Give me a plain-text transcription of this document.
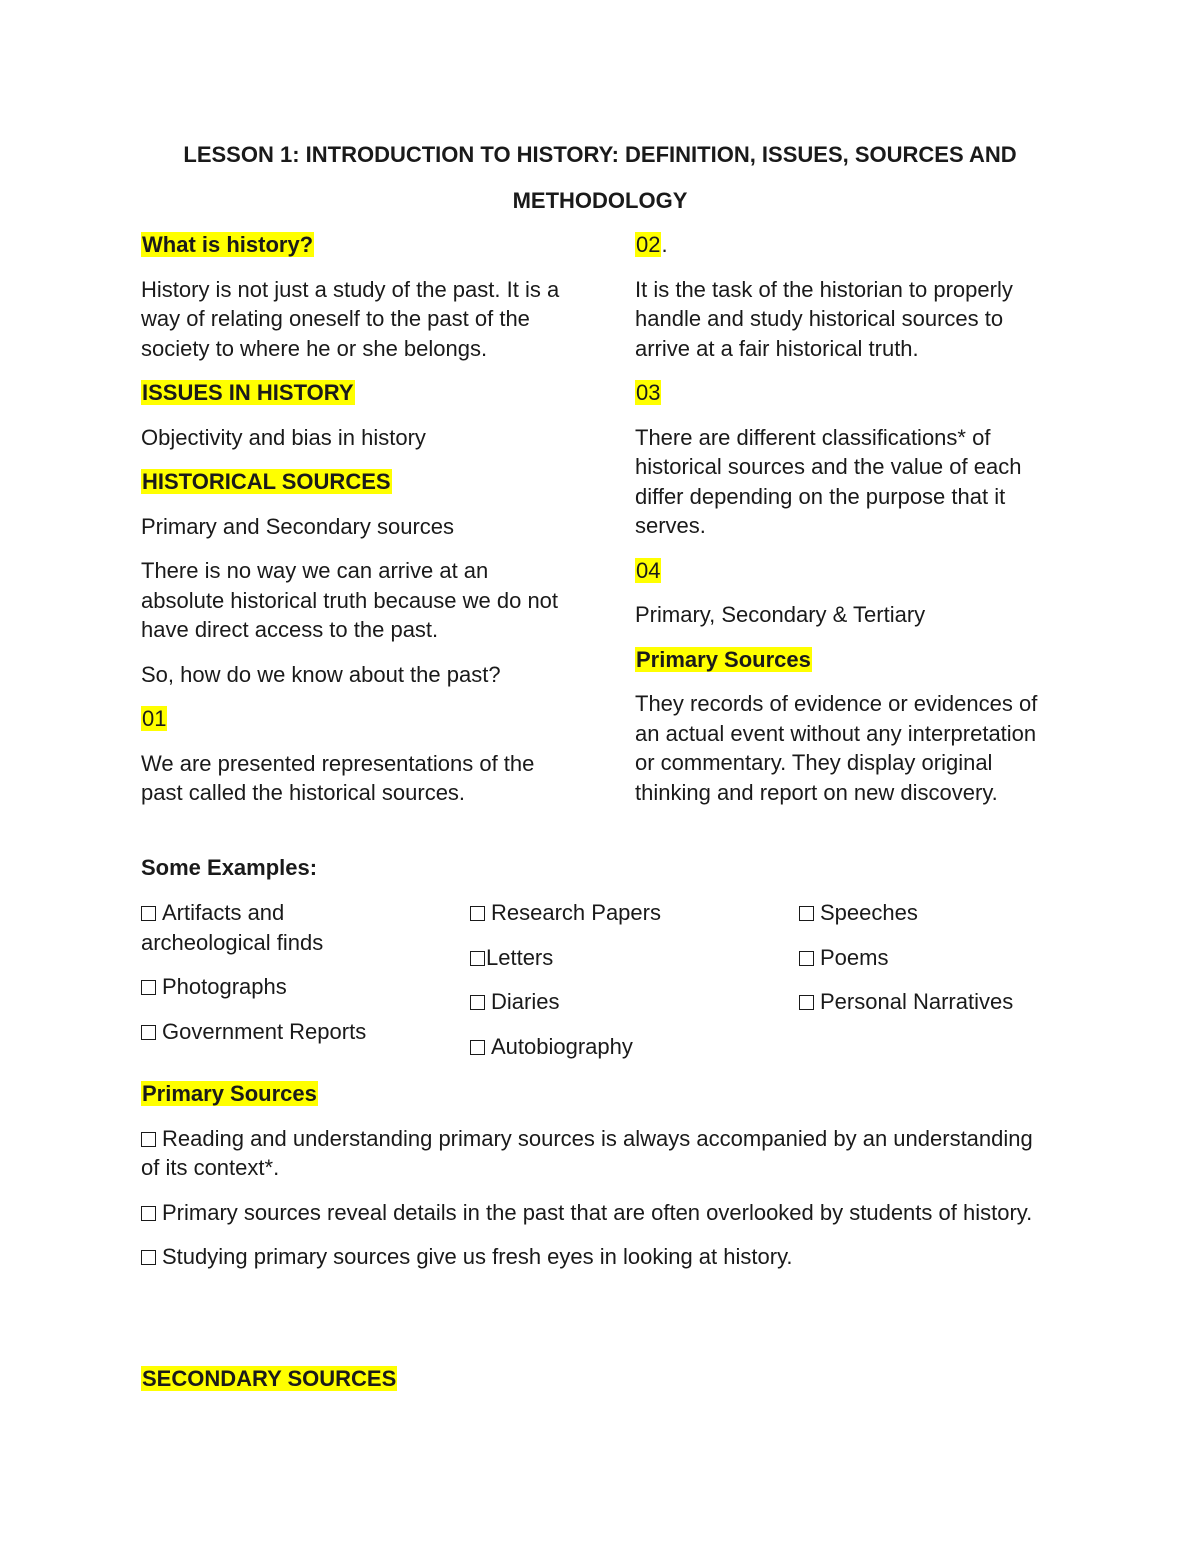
LESSON 1: INTRODUCTION TO HISTORY: DEFINITION, ISSUES, SOURCES AND
METHODOLOGY

What is history?

History is not just a study of the past. It is a way of relating oneself to the past of the society to where he or she belongs.

ISSUES IN HISTORY

Objectivity and bias in history

HISTORICAL SOURCES

Primary and Secondary sources

There is no way we can arrive at an absolute historical truth because we do not have direct access to the past.

So, how do we know about the past?

01

We are presented representations of the past called the historical sources.

02.

It is the task of the historian to properly handle and study historical sources to arrive at a fair historical truth.

03

There are different classifications* of historical sources and the value of each differ depending on the purpose that it serves.

04

Primary, Secondary & Tertiary

Primary Sources

They records of evidence or evidences of an actual event without any interpretation or commentary. They display original thinking and report on new discovery.

Some Examples:

Artifacts and archeological finds

Photographs

Government Reports

Research Papers

Letters

Diaries

Autobiography

Speeches

Poems

Personal Narratives

Primary Sources

Reading and understanding primary sources is always accompanied by an understanding of its context*.

Primary sources reveal details in the past that are often overlooked by students of history.

Studying primary sources give us fresh eyes in looking at history.

SECONDARY SOURCES
